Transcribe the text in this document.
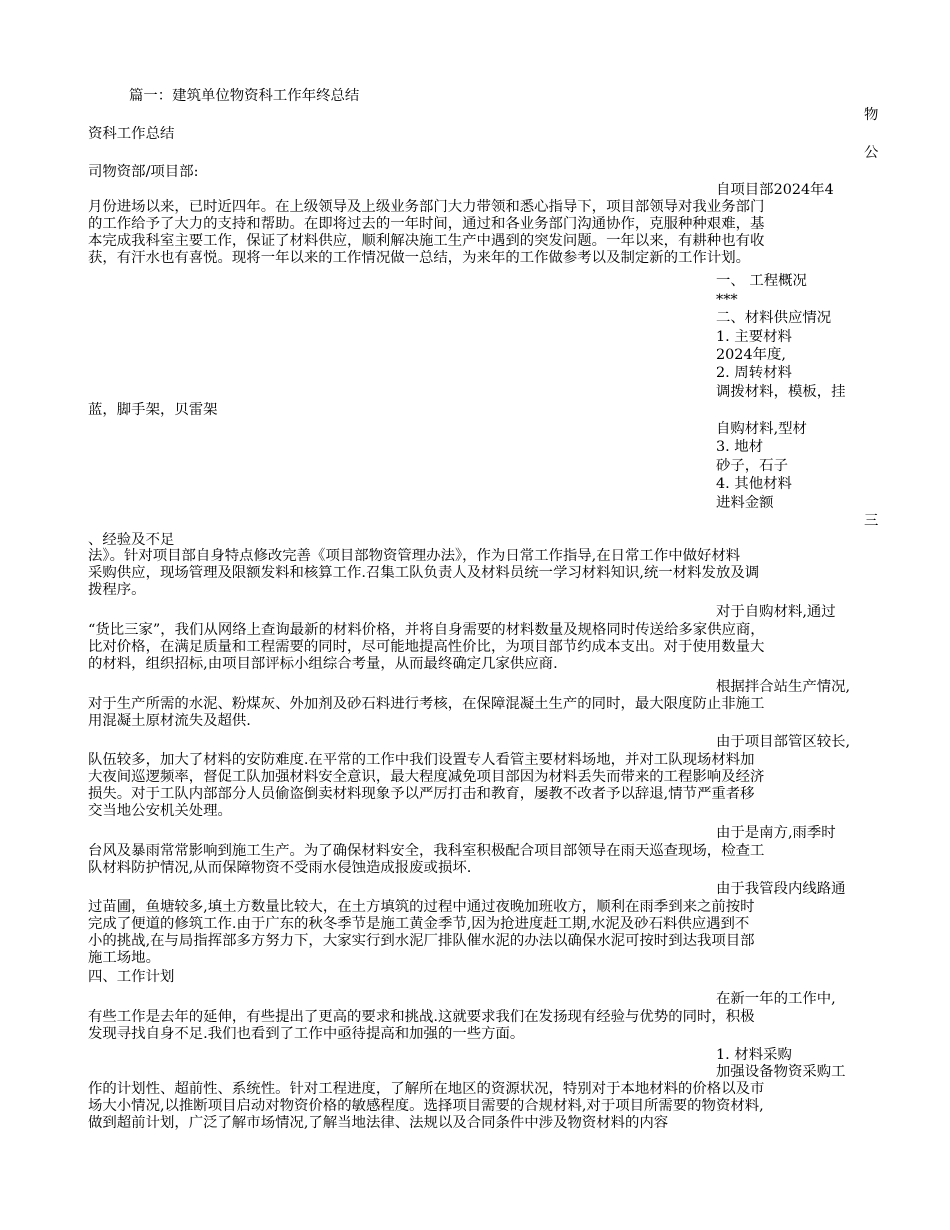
篇一：建筑单位物资科工作年终总结
物
资科工作总结
公
司物资部/项目部:
自项目部2024年4
月份进场以来，已时近四年。在上级领导及上级业务部门大力带领和悉心指导下，项目部领导对我业务部门
的工作给予了大力的支持和帮助。在即将过去的一年时间，通过和各业务部门沟通协作，克服种种艰难，基
本完成我科室主要工作，保证了材料供应，顺利解决施工生产中遇到的突发问题。一年以来，有耕种也有收
获，有汗水也有喜悦。现将一年以来的工作情况做一总结，为来年的工作做参考以及制定新的工作计划。
一、 工程概况
***
二、材料供应情况
1. 主要材料
2024年度,
2. 周转材料
调拨材料，模板，挂
蓝，脚手架，贝雷架
自购材料,型材
3. 地材
砂子，石子
4. 其他材料
进料金额
三
、经验及不足
法》。针对项目部自身特点修改完善《项目部物资管理办法》，作为日常工作指导,在日常工作中做好材料
采购供应，现场管理及限额发料和核算工作.召集工队负责人及材料员统一学习材料知识,统一材料发放及调
拨程序。
对于自购材料,通过
“货比三家”，我们从网络上查询最新的材料价格，并将自身需要的材料数量及规格同时传送给多家供应商，
比对价格，在满足质量和工程需要的同时，尽可能地提高性价比，为项目部节约成本支出。对于使用数量大
的材料，组织招标,由项目部评标小组综合考量，从而最终确定几家供应商.
根据拌合站生产情况,
对于生产所需的水泥、粉煤灰、外加剂及砂石料进行考核，在保障混凝土生产的同时，最大限度防止非施工
用混凝土原材流失及超供.
由于项目部管区较长,
队伍较多，加大了材料的安防难度.在平常的工作中我们设置专人看管主要材料场地，并对工队现场材料加
大夜间巡逻频率，督促工队加强材料安全意识，最大程度减免项目部因为材料丢失而带来的工程影响及经济
损失。对于工队内部部分人员偷盗倒卖材料现象予以严厉打击和教育，屡教不改者予以辞退,情节严重者移
交当地公安机关处理。
由于是南方,雨季时
台风及暴雨常常影响到施工生产。为了确保材料安全，我科室积极配合项目部领导在雨天巡查现场，检查工
队材料防护情况,从而保障物资不受雨水侵蚀造成报废或损坏.
由于我管段内线路通
过苗圃，鱼塘较多,填土方数量比较大，在土方填筑的过程中通过夜晚加班收方，顺利在雨季到来之前按时
完成了便道的修筑工作.由于广东的秋冬季节是施工黄金季节,因为抢进度赶工期,水泥及砂石料供应遇到不
小的挑战,在与局指挥部多方努力下，大家实行到水泥厂排队催水泥的办法以确保水泥可按时到达我项目部
施工场地。
四、工作计划
在新一年的工作中,
有些工作是去年的延伸，有些提出了更高的要求和挑战.这就要求我们在发扬现有经验与优势的同时，积极
发现寻找自身不足.我们也看到了工作中亟待提高和加强的一些方面。
1. 材料采购
加强设备物资采购工
作的计划性、超前性、系统性。针对工程进度，了解所在地区的资源状况，特别对于本地材料的价格以及市
场大小情况,以推断项目启动对物资价格的敏感程度。选择项目需要的合规材料,对于项目所需要的物资材料,
做到超前计划，广泛了解市场情况,了解当地法律、法规以及合同条件中涉及物资材料的内容
